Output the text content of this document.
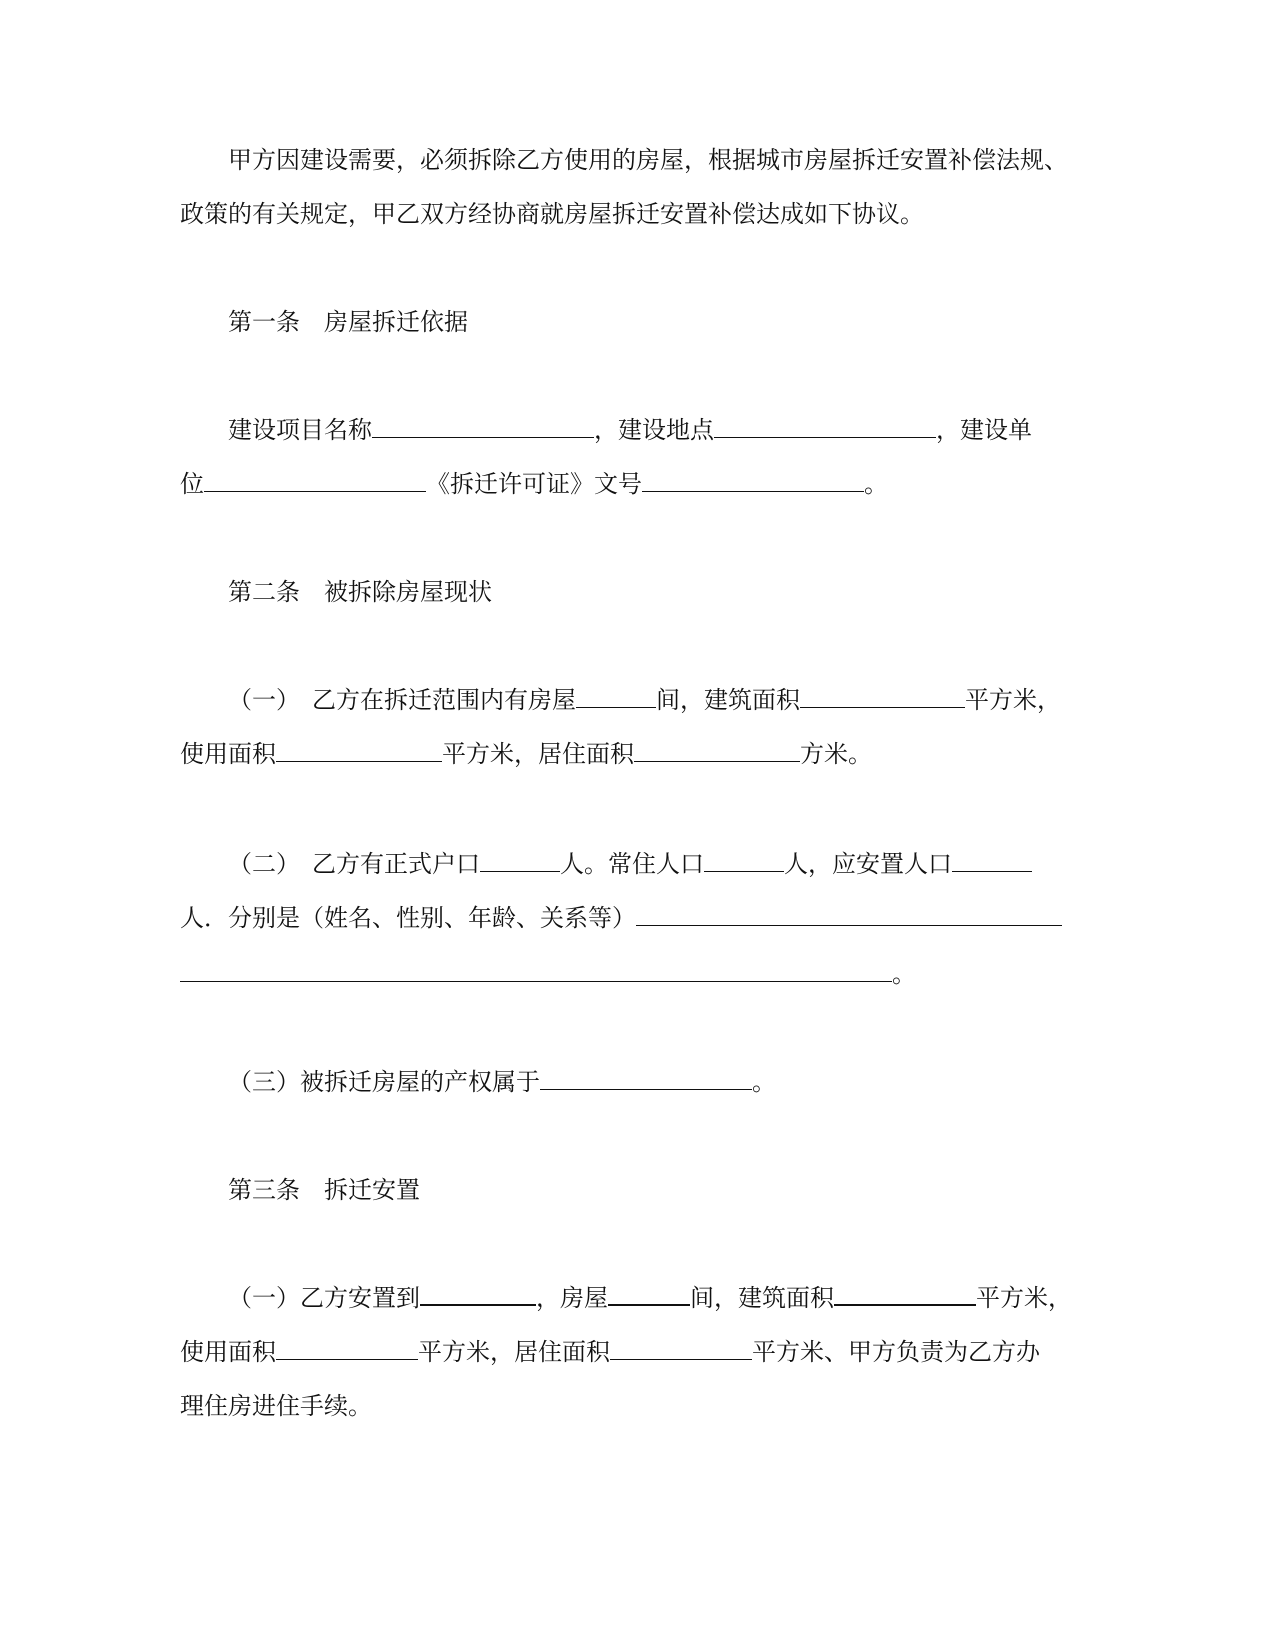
甲方因建设需要，必须拆除乙方使用的房屋，根据城市房屋拆迁安置补偿法规、
政策的有关规定，甲乙双方经协商就房屋拆迁安置补偿达成如下协议。
第一条　房屋拆迁依据
建设项目名称	，建设地点	，建设单
位	《拆迁许可证》文号	。
第二条　被拆除房屋现状
（一）　乙方在拆迁范围内有房屋	间，建筑面积	平方米，
使用面积	平方米，居住面积	方米。
（二）　乙方有正式户口	人。常住人口	人，应安置人口
人．分别是（姓名、性别、年龄、关系等）
。
（三）被拆迁房屋的产权属于	。
第三条　拆迁安置
（一）乙方安置到	，房屋	间，建筑面积	平方米，
使用面积	平方米，居住面积	平方米、甲方负责为乙方办
理住房进住手续。
